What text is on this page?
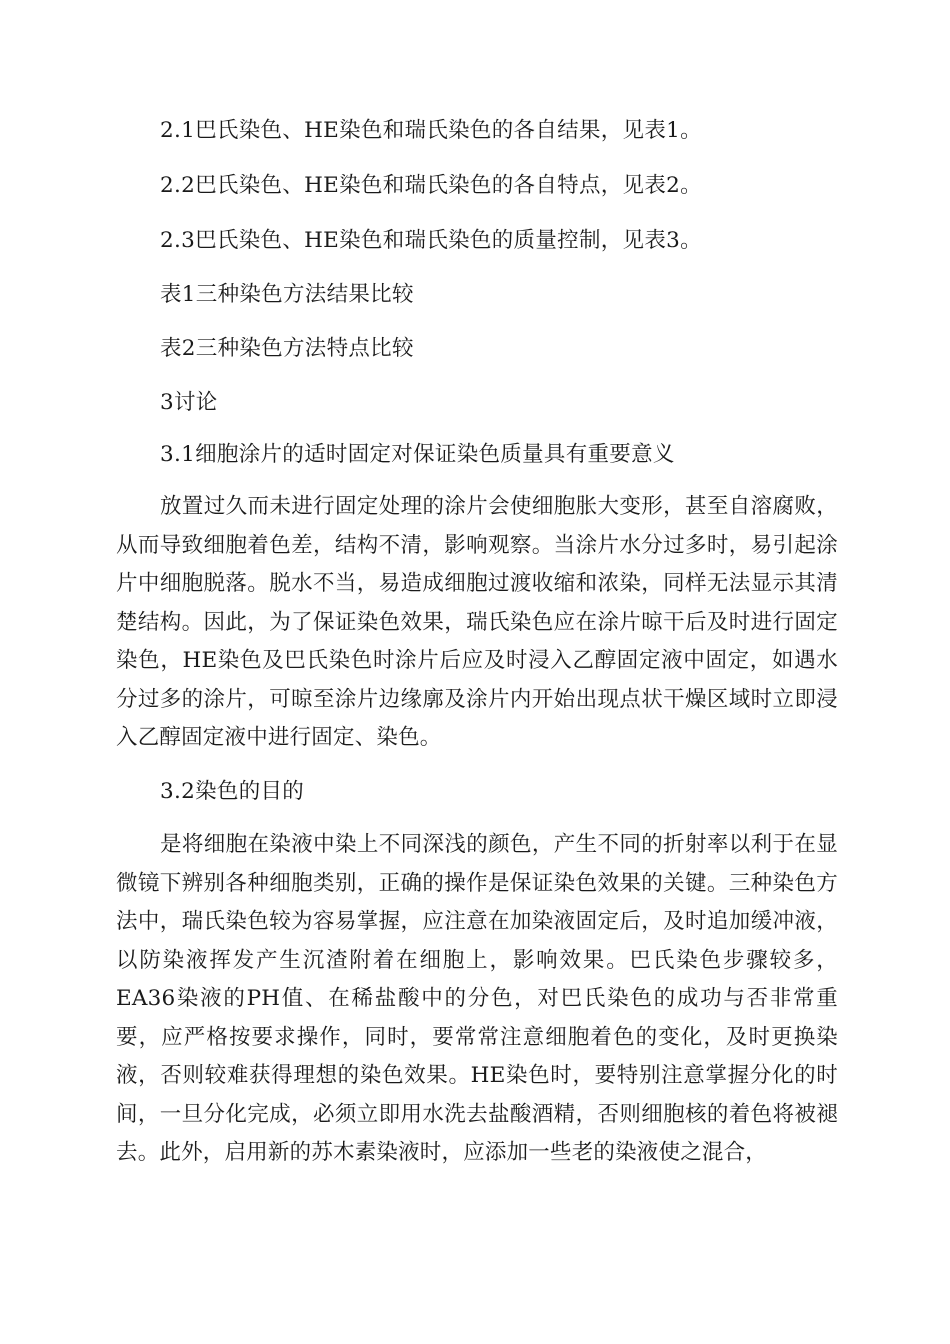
2.1巴氏染色、HE染色和瑞氏染色的各自结果，见表1。
2.2巴氏染色、HE染色和瑞氏染色的各自特点，见表2。
2.3巴氏染色、HE染色和瑞氏染色的质量控制，见表3。
表1三种染色方法结果比较
表2三种染色方法特点比较
3讨论
3.1细胞涂片的适时固定对保证染色质量具有重要意义
放置过久而未进行固定处理的涂片会使细胞胀大变形，甚至自溶腐败，从而导致细胞着色差，结构不清，影响观察。当涂片水分过多时，易引起涂片中细胞脱落。脱水不当，易造成细胞过渡收缩和浓染，同样无法显示其清楚结构。因此，为了保证染色效果，瑞氏染色应在涂片晾干后及时进行固定染色，HE染色及巴氏染色时涂片后应及时浸入乙醇固定液中固定，如遇水分过多的涂片，可晾至涂片边缘廓及涂片内开始出现点状干燥区域时立即浸入乙醇固定液中进行固定、染色。
3.2染色的目的
是将细胞在染液中染上不同深浅的颜色，产生不同的折射率以利于在显微镜下辨别各种细胞类别，正确的操作是保证染色效果的关键。三种染色方法中，瑞氏染色较为容易掌握，应注意在加染液固定后，及时追加缓冲液，以防染液挥发产生沉渣附着在细胞上，影响效果。巴氏染色步骤较多，EA36染液的PH值、在稀盐酸中的分色，对巴氏染色的成功与否非常重要，应严格按要求操作，同时，要常常注意细胞着色的变化，及时更换染液，否则较难获得理想的染色效果。HE染色时，要特别注意掌握分化的时间，一旦分化完成，必须立即用水洗去盐酸酒精，否则细胞核的着色将被褪去。此外，启用新的苏木素染液时，应添加一些老的染液使之混合，
